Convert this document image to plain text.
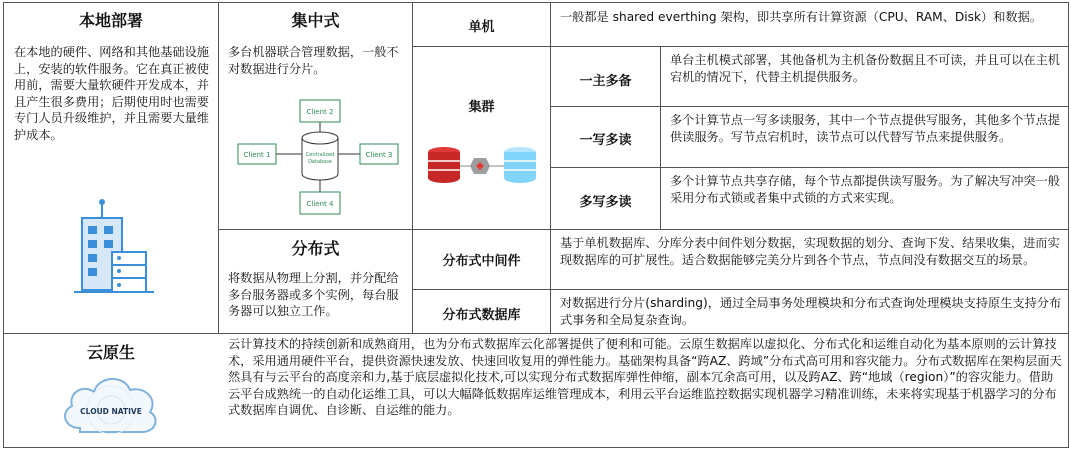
本地部署
在本地的硬件、网络和其他基础设施上，安装的软件服务。它在真正被使用前，需要大量软硬件开发成本，并且产生很多费用；后期使用时也需要专门人员升级维护，并且需要大量维护成本。
集中式
多台机器联合管理数据，一般不对数据进行分片。
Client 2
Client 1	Client 3
Client 4
Centralized
Database
分布式
将数据从物理上分割，并分配给多台服务器或多个实例，每台服务器可以独立工作。
单机
一般都是 shared everthing 架构，即共享所有计算资源（CPU、RAM、Disk）和数据。
集群
一主多备
单台主机模式部署，其他备机为主机备份数据且不可读，并且可以在主机宕机的情况下，代替主机提供服务。
一写多读
多个计算节点一写多读服务，其中一个节点提供写服务，其他多个节点提供读服务。写节点宕机时，读节点可以代替写节点来提供服务。
多写多读
多个计算节点共享存储，每个节点都提供读写服务。为了解决写冲突一般采用分布式锁或者集中式锁的方式来实现。
分布式中间件
基于单机数据库、分库分表中间件划分数据，实现数据的划分、查询下发、结果收集，进而实现数据库的可扩展性。适合数据能够完美分片到各个节点，节点间没有数据交互的场景。
分布式数据库
对数据进行分片(sharding)，通过全局事务处理模块和分布式查询处理模块支持原生支持分布式事务和全局复杂查询。
云原生
CLOUD NATIVE
云计算技术的持续创新和成熟商用，也为分布式数据库云化部署提供了便利和可能。云原生数据库以虚拟化、分布式化和运维自动化为基本原则的云计算技术，采用通用硬件平台，提供资源快速发放、快速回收复用的弹性能力。基础架构具备“跨AZ、跨域”分布式高可用和容灾能力。分布式数据库在架构层面天然具有与云平台的高度亲和力,基于底层虚拟化技术,可以实现分布式数据库弹性伸缩，副本冗余高可用，以及跨AZ、跨“地域（region）”的容灾能力。借助云平台成熟统一的自动化运维工具，可以大幅降低数据库运维管理成本，利用云平台运维监控数据实现机器学习精准训练，未来将实现基于机器学习的分布式数据库自调优、自诊断、自运维的能力。
